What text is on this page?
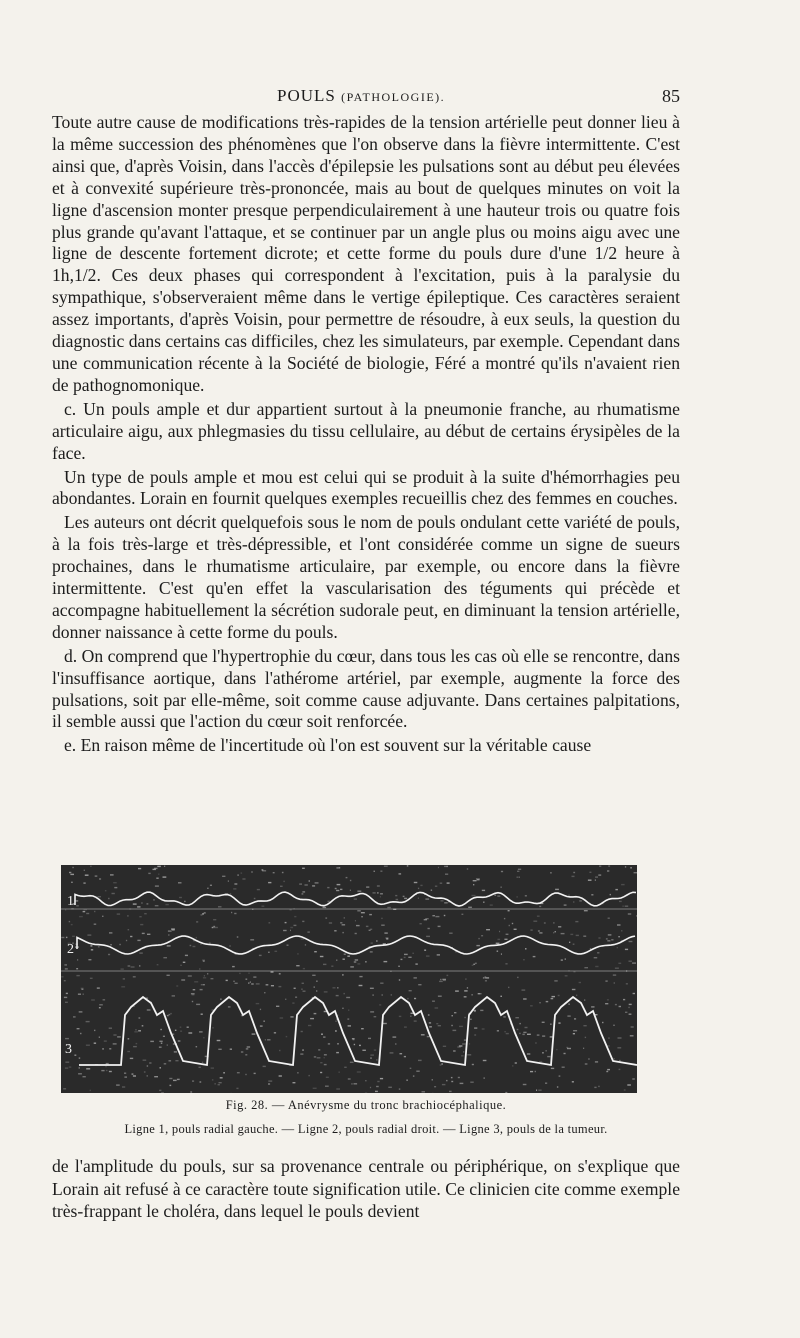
POULS (PATHOLOGIE).	85

Toute autre cause de modifications très-rapides de la tension artérielle peut donner lieu à la même succession des phénomènes que l'on observe dans la fièvre intermittente. C'est ainsi que, d'après Voisin, dans l'accès d'épilepsie les pulsations sont au début peu élevées et à convexité supérieure très-prononcée, mais au bout de quelques minutes on voit la ligne d'ascension monter presque perpendiculairement à une hauteur trois ou quatre fois plus grande qu'avant l'attaque, et se continuer par un angle plus ou moins aigu avec une ligne de descente fortement dicrote; et cette forme du pouls dure d'une 1/2 heure à 1h,1/2. Ces deux phases qui correspondent à l'excitation, puis à la paralysie du sympathique, s'observeraient même dans le vertige épileptique. Ces caractères seraient assez importants, d'après Voisin, pour permettre de résoudre, à eux seuls, la question du diagnostic dans certains cas difficiles, chez les simulateurs, par exemple. Cependant dans une communication récente à la Société de biologie, Féré a montré qu'ils n'avaient rien de pathognomonique.

c. Un pouls ample et dur appartient surtout à la pneumonie franche, au rhumatisme articulaire aigu, aux phlegmasies du tissu cellulaire, au début de certains érysipèles de la face.

Un type de pouls ample et mou est celui qui se produit à la suite d'hémorrhagies peu abondantes. Lorain en fournit quelques exemples recueillis chez des femmes en couches.

Les auteurs ont décrit quelquefois sous le nom de pouls ondulant cette variété de pouls, à la fois très-large et très-dépressible, et l'ont considérée comme un signe de sueurs prochaines, dans le rhumatisme articulaire, par exemple, ou encore dans la fièvre intermittente. C'est qu'en effet la vascularisation des téguments qui précède et accompagne habituellement la sécrétion sudorale peut, en diminuant la tension artérielle, donner naissance à cette forme du pouls.

d. On comprend que l'hypertrophie du cœur, dans tous les cas où elle se rencontre, dans l'insuffisance aortique, dans l'athérome artériel, par exemple, augmente la force des pulsations, soit par elle-même, soit comme cause adjuvante. Dans certaines palpitations, il semble aussi que l'action du cœur soit renforcée.

e. En raison même de l'incertitude où l'on est souvent sur la véritable cause

1
2
3
Fig. 28. — Anévrysme du tronc brachiocéphalique.
Ligne 1, pouls radial gauche. — Ligne 2, pouls radial droit. — Ligne 3, pouls de la tumeur.

de l'amplitude du pouls, sur sa provenance centrale ou périphérique, on s'explique que Lorain ait refusé à ce caractère toute signification utile. Ce clinicien cite comme exemple très-frappant le choléra, dans lequel le pouls devient
